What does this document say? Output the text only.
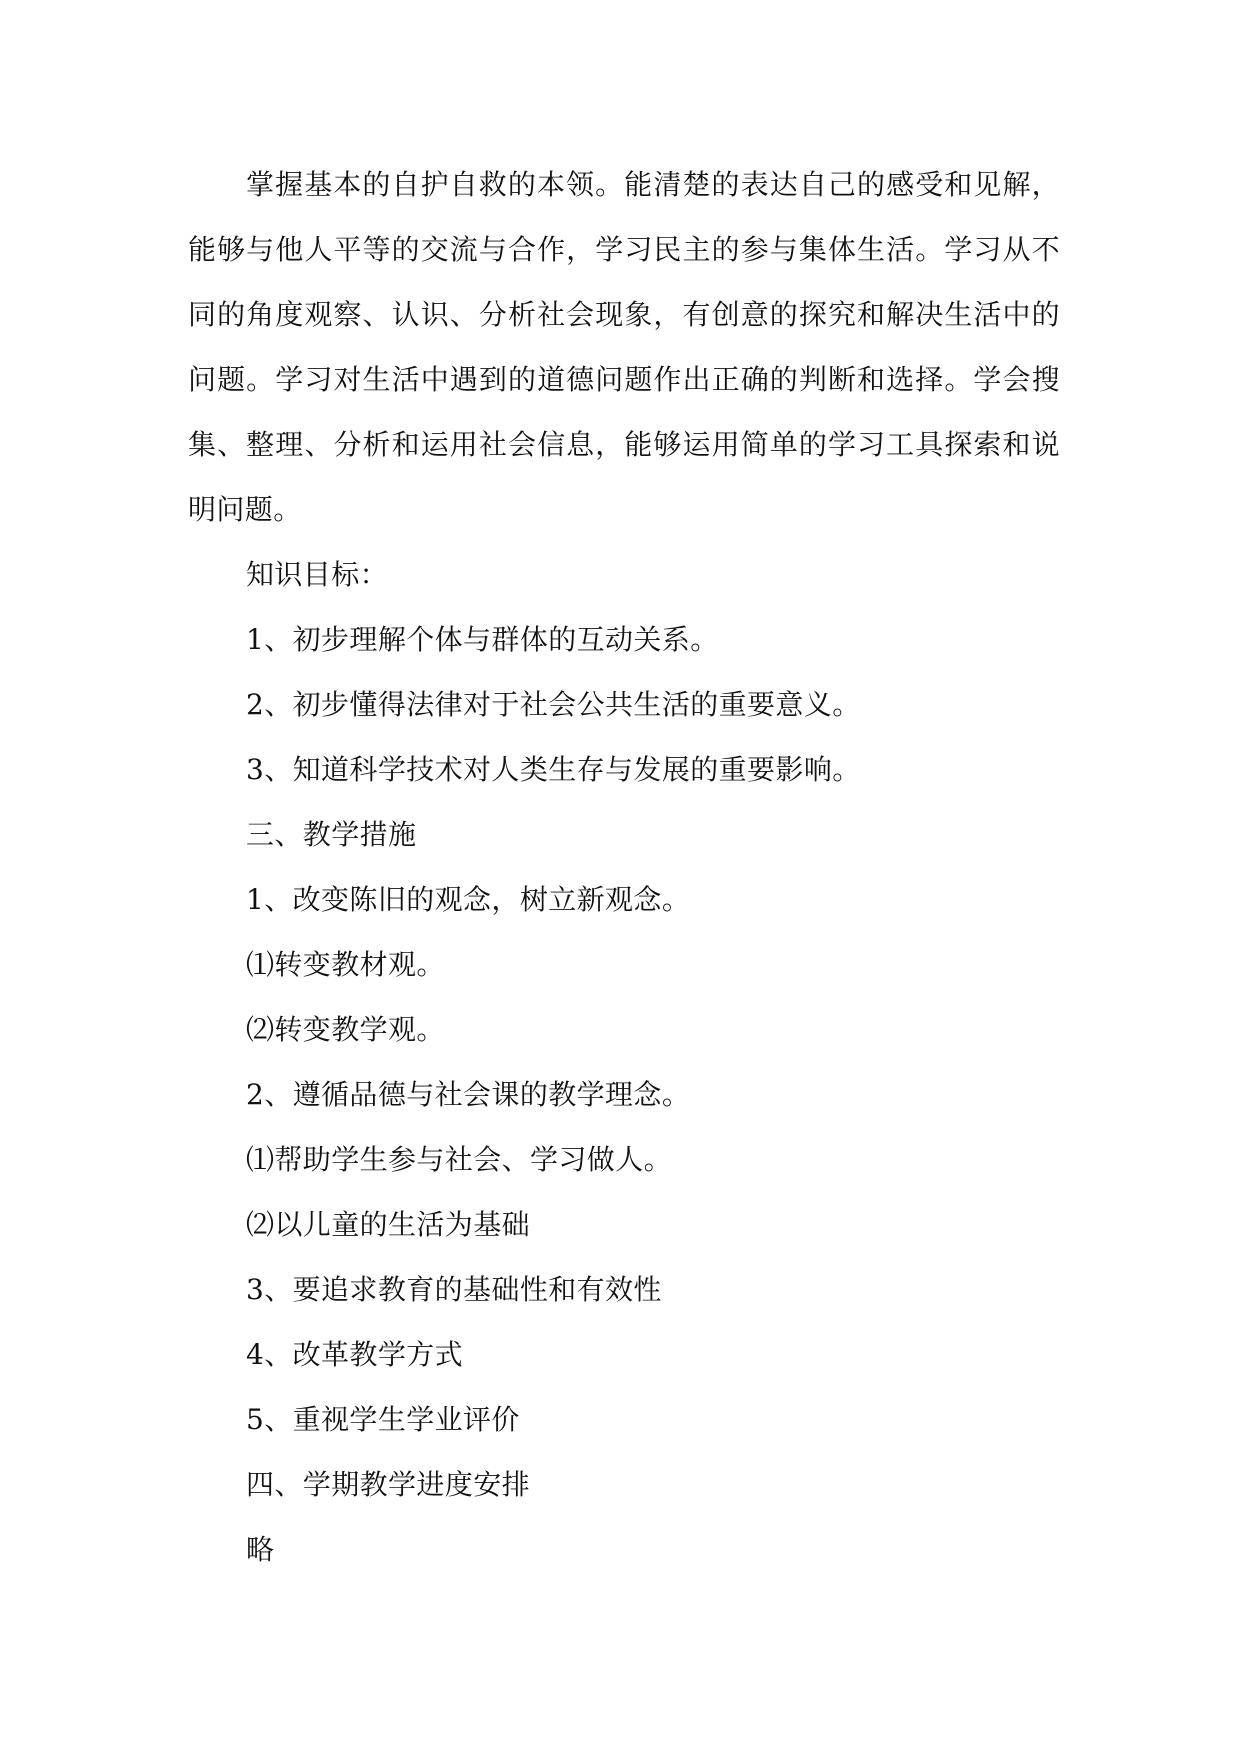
掌握基本的自护自救的本领。能清楚的表达自己的感受和见解，能够与他人平等的交流与合作，学习民主的参与集体生活。学习从不同的角度观察、认识、分析社会现象，有创意的探究和解决生活中的问题。学习对生活中遇到的道德问题作出正确的判断和选择。学会搜集、整理、分析和运用社会信息，能够运用简单的学习工具探索和说明问题。

知识目标：

1、初步理解个体与群体的互动关系。

2、初步懂得法律对于社会公共生活的重要意义。

3、知道科学技术对人类生存与发展的重要影响。

三、教学措施

1、改变陈旧的观念，树立新观念。

⑴转变教材观。

⑵转变教学观。

2、遵循品德与社会课的教学理念。

⑴帮助学生参与社会、学习做人。

⑵以儿童的生活为基础

3、要追求教育的基础性和有效性

4、改革教学方式

5、重视学生学业评价

四、学期教学进度安排

略
